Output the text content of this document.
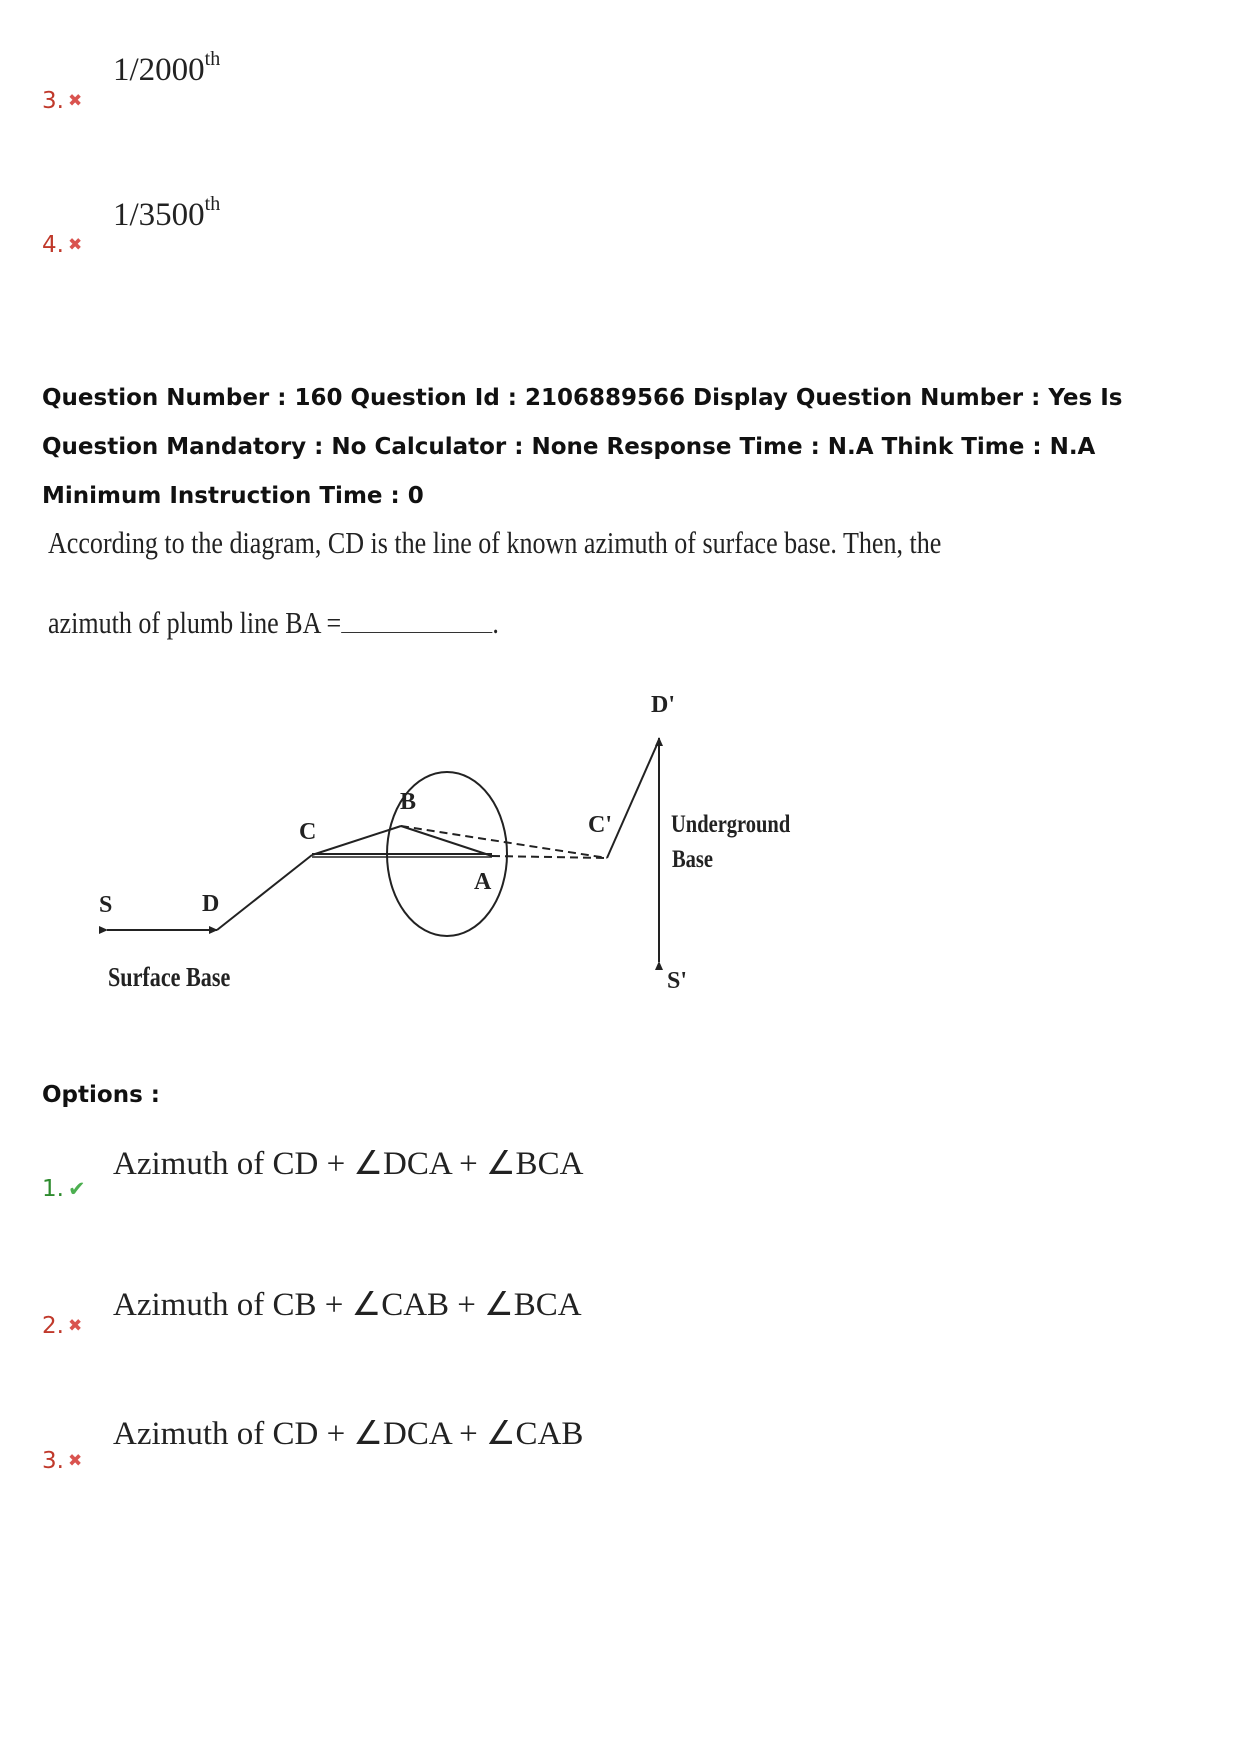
1/2000th
3. ✖
1/3500th
4. ✖
Question Number : 160 Question Id : 2106889566 Display Question Number : Yes Is Question Mandatory : No Calculator : None Response Time : N.A Think Time : N.A Minimum Instruction Time : 0
According to the diagram, CD is the line of known azimuth of surface base. Then, the
azimuth of plumb line BA =	.
S	D
C
B
A
C'
D'
S'
Underground
Base
Surface Base
Options :
Azimuth of CD + ∠DCA + ∠BCA
1. ✔
Azimuth of CB + ∠CAB + ∠BCA
2. ✖
Azimuth of CD + ∠DCA + ∠CAB
3. ✖
